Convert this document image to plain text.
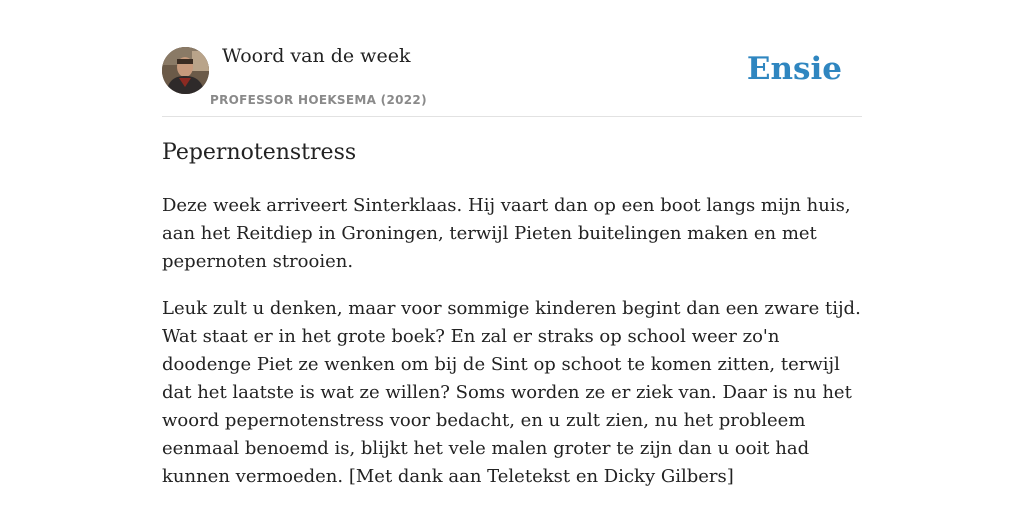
Woord van de week
PROFESSOR HOEKSEMA (2022)
Ensie
Pepernotenstress

Deze week arriveert Sinterklaas. Hij vaart dan op een boot langs mijn huis, aan het Reitdiep in Groningen, terwijl Pieten buitelingen maken en met pepernoten strooien.

Leuk zult u denken, maar voor sommige kinderen begint dan een zware tijd. Wat staat er in het grote boek? En zal er straks op school weer zo'n doodenge Piet ze wenken om bij de Sint op schoot te komen zitten, terwijl dat het laatste is wat ze willen? Soms worden ze er ziek van. Daar is nu het woord pepernotenstress voor bedacht, en u zult zien, nu het probleem eenmaal benoemd is, blijkt het vele malen groter te zijn dan u ooit had kunnen vermoeden. [Met dank aan Teletekst en Dicky Gilbers]
